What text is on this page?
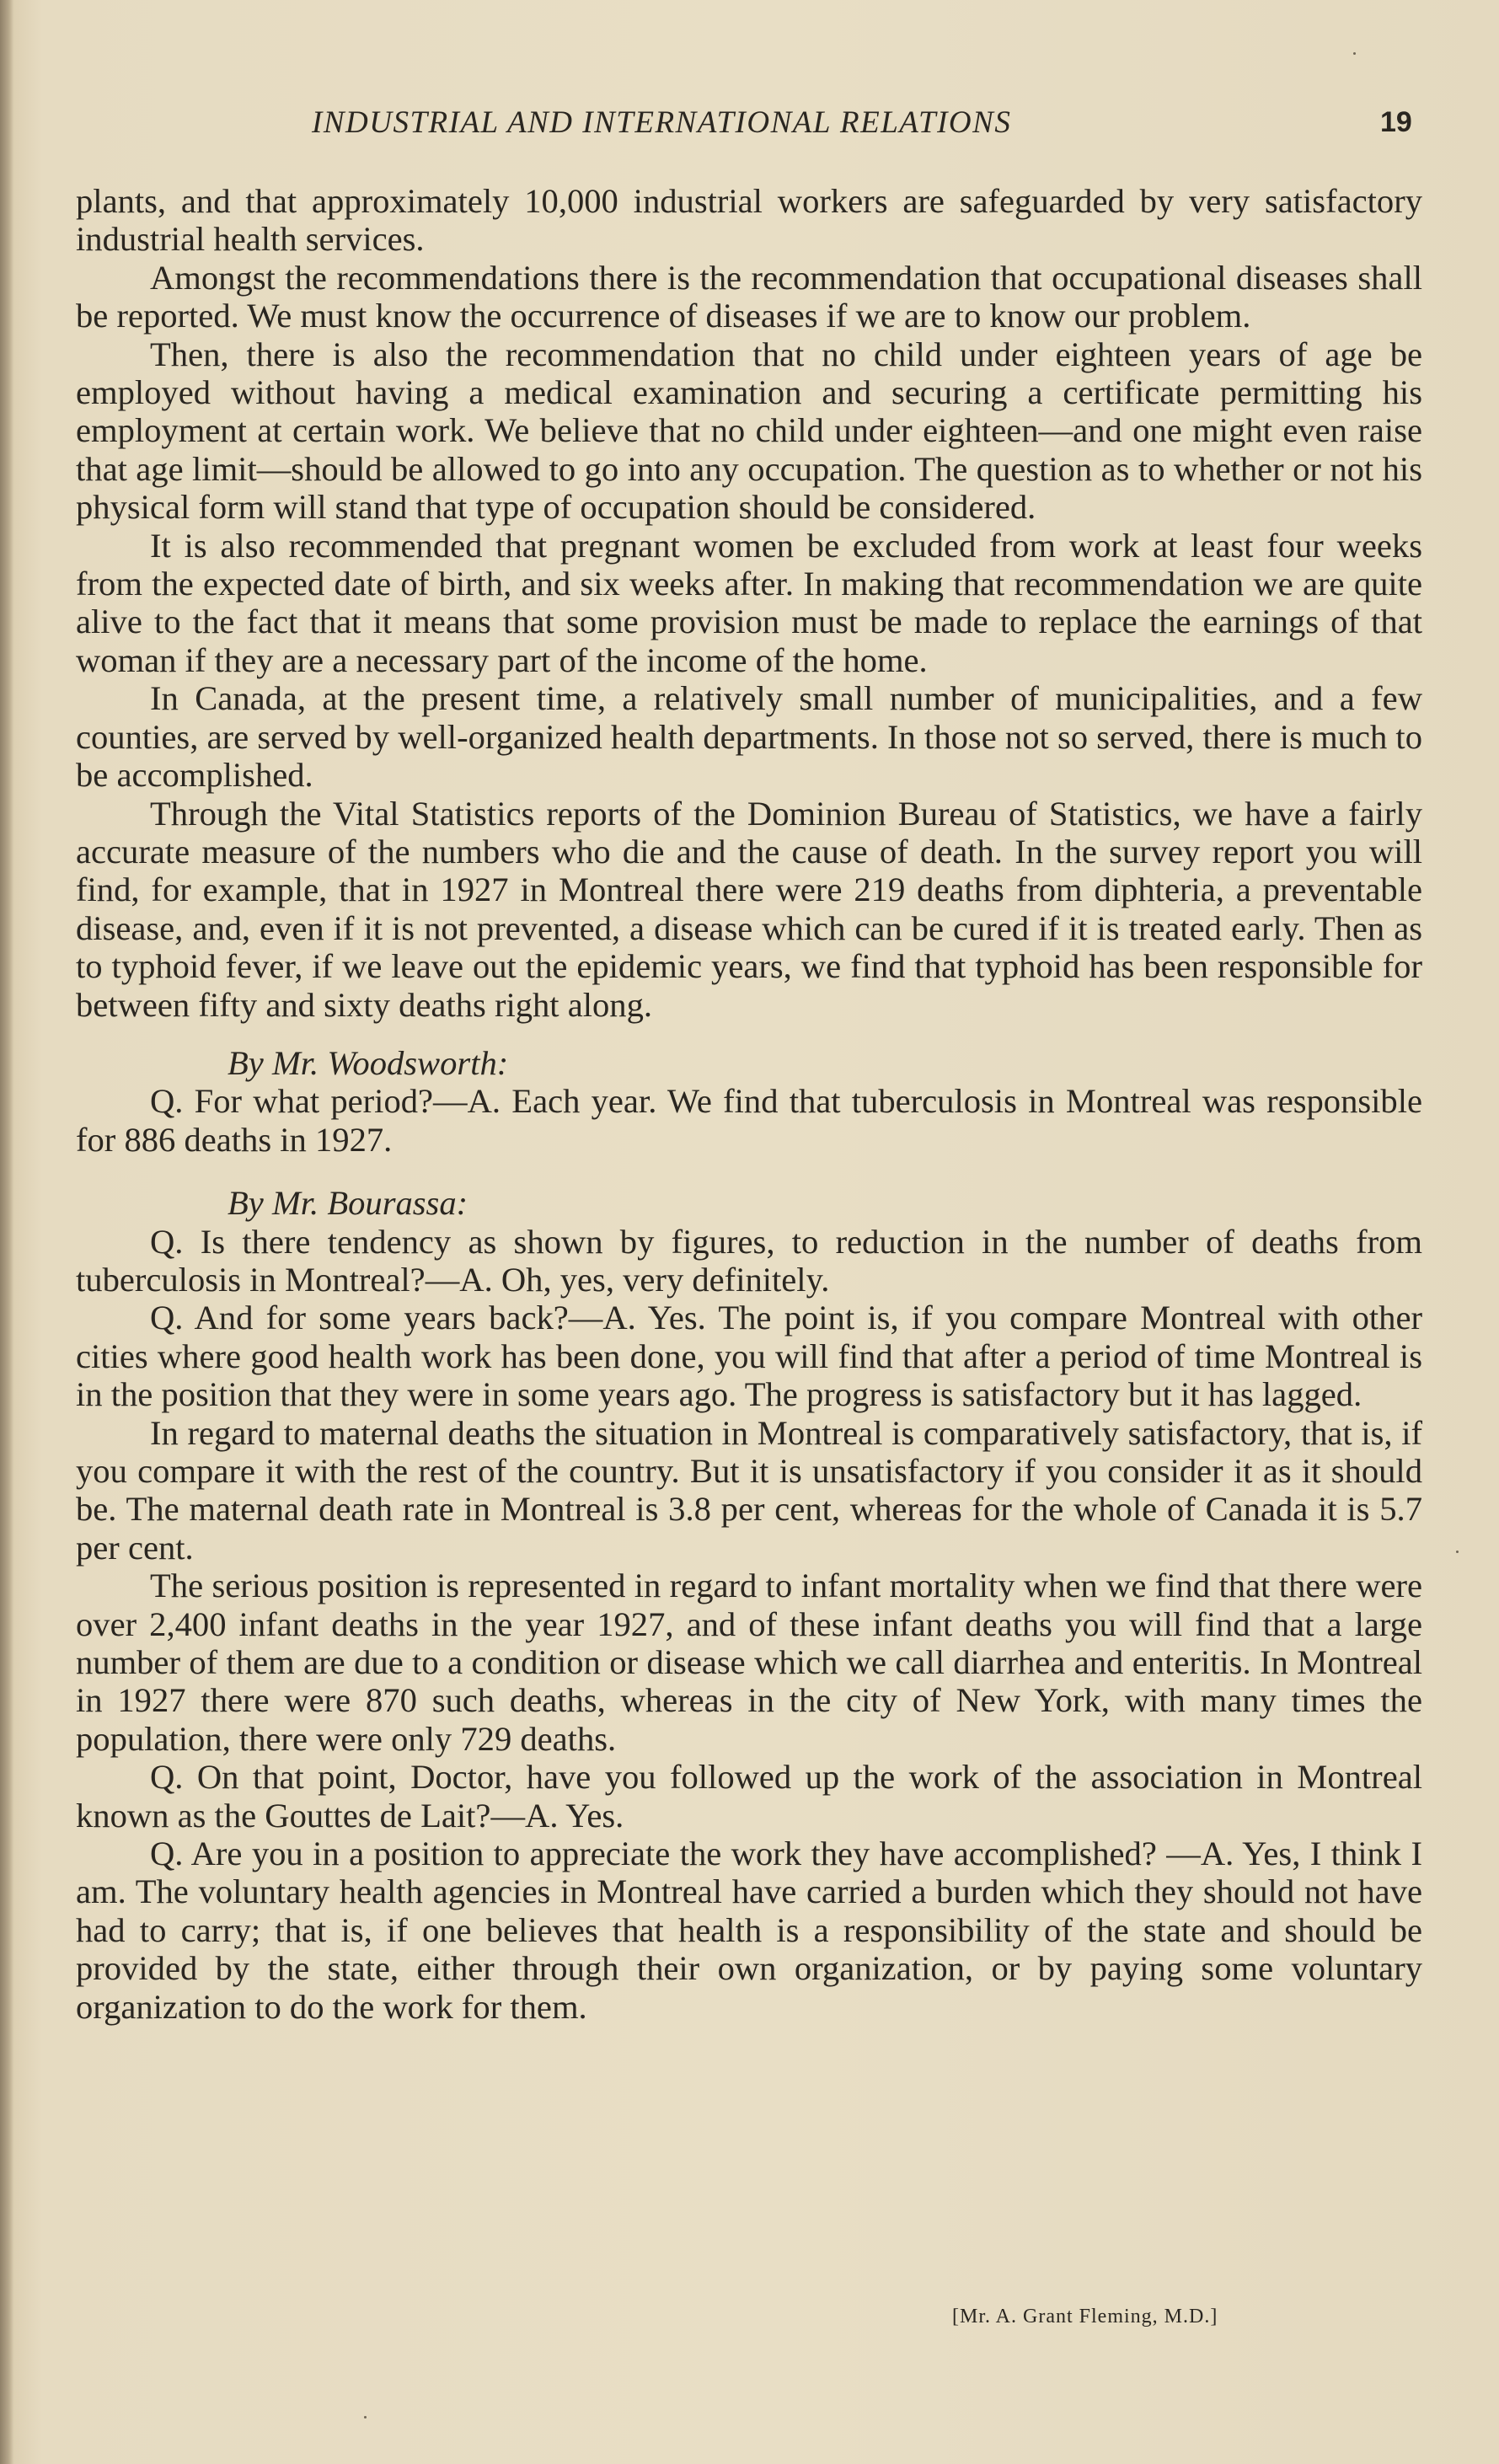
INDUSTRIAL AND INTERNATIONAL RELATIONS	19

plants, and that approximately 10,000 industrial workers are safeguarded by very satisfactory industrial health services.

Amongst the recommendations there is the recommendation that occupational diseases shall be reported. We must know the occurrence of diseases if we are to know our problem.

Then, there is also the recommendation that no child under eighteen years of age be employed without having a medical examination and securing a certificate permitting his employment at certain work. We believe that no child under eighteen—and one might even raise that age limit—should be allowed to go into any occupation. The question as to whether or not his physical form will stand that type of occupation should be considered.

It is also recommended that pregnant women be excluded from work at least four weeks from the expected date of birth, and six weeks after. In making that recommendation we are quite alive to the fact that it means that some provision must be made to replace the earnings of that woman if they are a necessary part of the income of the home.

In Canada, at the present time, a relatively small number of municipalities, and a few counties, are served by well-organized health departments. In those not so served, there is much to be accomplished.

Through the Vital Statistics reports of the Dominion Bureau of Statistics, we have a fairly accurate measure of the numbers who die and the cause of death. In the survey report you will find, for example, that in 1927 in Montreal there were 219 deaths from diphteria, a preventable disease, and, even if it is not prevented, a disease which can be cured if it is treated early. Then as to typhoid fever, if we leave out the epidemic years, we find that typhoid has been responsible for between fifty and sixty deaths right along.

By Mr. Woodsworth:

Q. For what period?—A. Each year. We find that tuberculosis in Montreal was responsible for 886 deaths in 1927.

By Mr. Bourassa:

Q. Is there tendency as shown by figures, to reduction in the number of deaths from tuberculosis in Montreal?—A. Oh, yes, very definitely.

Q. And for some years back?—A. Yes. The point is, if you compare Montreal with other cities where good health work has been done, you will find that after a period of time Montreal is in the position that they were in some years ago. The progress is satisfactory but it has lagged.

In regard to maternal deaths the situation in Montreal is comparatively satisfactory, that is, if you compare it with the rest of the country. But it is unsatisfactory if you consider it as it should be. The maternal death rate in Montreal is 3.8 per cent, whereas for the whole of Canada it is 5.7 per cent.

The serious position is represented in regard to infant mortality when we find that there were over 2,400 infant deaths in the year 1927, and of these infant deaths you will find that a large number of them are due to a condition or disease which we call diarrhea and enteritis. In Montreal in 1927 there were 870 such deaths, whereas in the city of New York, with many times the population, there were only 729 deaths.

Q. On that point, Doctor, have you followed up the work of the association in Montreal known as the Gouttes de Lait?—A. Yes.

Q. Are you in a position to appreciate the work they have accomplished? —A. Yes, I think I am. The voluntary health agencies in Montreal have carried a burden which they should not have had to carry; that is, if one believes that health is a responsibility of the state and should be provided by the state, either through their own organization, or by paying some voluntary organization to do the work for them.

[Mr. A. Grant Fleming, M.D.]
